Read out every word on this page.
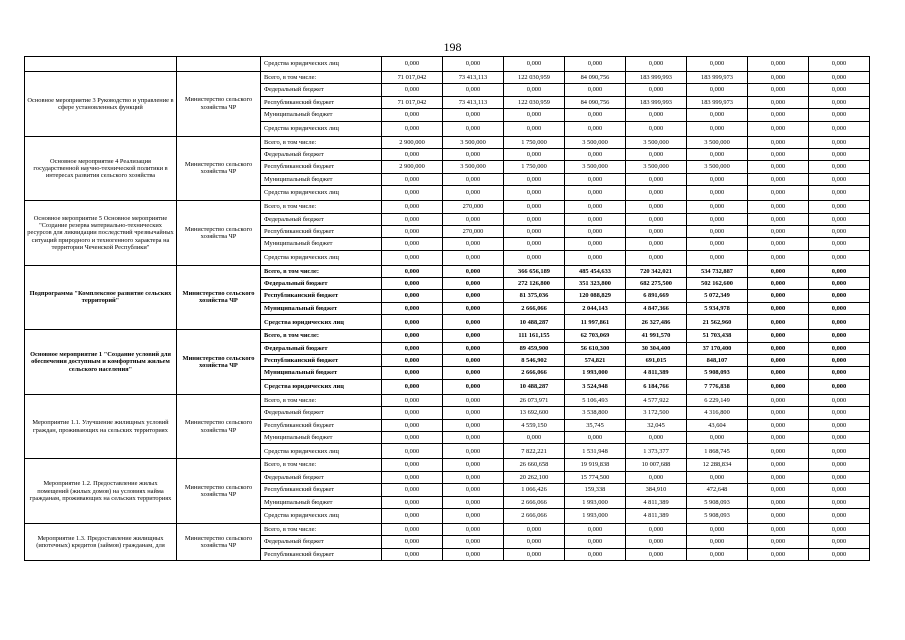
198
		Средства юридических лиц	0,000	0,000	0,000	0,000	0,000	0,000	0,000	0,000
Основное мероприятие 3 Руководство и управление в сфере установленных функций	Министерство сельского хозяйства ЧР	Всего, в том числе:	71 017,042	73 413,113	122 030,959	84 090,756	183 999,993	183 999,973	0,000	0,000
		Федеральный бюджет	0,000	0,000	0,000	0,000	0,000	0,000	0,000	0,000
		Республиканский бюджет	71 017,042	73 413,113	122 030,959	84 090,756	183 999,993	183 999,973	0,000	0,000
		Муниципальный бюджет	0,000	0,000	0,000	0,000	0,000	0,000	0,000	0,000
		Средства юридических лиц	0,000	0,000	0,000	0,000	0,000	0,000	0,000	0,000
Основное мероприятие 4 Реализация государственной научно-технической политики в интересах развития сельского хозяйства	Министерство сельского хозяйства ЧР	Всего, в том числе:	2 900,000	3 500,000	1 750,000	3 500,000	3 500,000	3 500,000	0,000	0,000
		Федеральный бюджет	0,000	0,000	0,000	0,000	0,000	0,000	0,000	0,000
		Республиканский бюджет	2 900,000	3 500,000	1 750,000	3 500,000	3 500,000	3 500,000	0,000	0,000
		Муниципальный бюджет	0,000	0,000	0,000	0,000	0,000	0,000	0,000	0,000
		Средства юридических лиц	0,000	0,000	0,000	0,000	0,000	0,000	0,000	0,000
Основное мероприятие 5 Основное мероприятие "Создание резерва материально-технических ресурсов для ликвидации последствий чрезвычайных ситуаций природного и техногенного характера на территории Чеченской Республики"	Министерство сельского хозяйства ЧР	Всего, в том числе:	0,000	270,000	0,000	0,000	0,000	0,000	0,000	0,000
		Федеральный бюджет	0,000	0,000	0,000	0,000	0,000	0,000	0,000	0,000
		Республиканский бюджет	0,000	270,000	0,000	0,000	0,000	0,000	0,000	0,000
		Муниципальный бюджет	0,000	0,000	0,000	0,000	0,000	0,000	0,000	0,000
		Средства юридических лиц	0,000	0,000	0,000	0,000	0,000	0,000	0,000	0,000
Подпрограмма "Комплексное развитие сельских территорий"	Министерство сельского хозяйства ЧР	Всего, в том числе:	0,000	0,000	366 656,189	485 454,633	720 342,021	534 732,887	0,000	0,000
		Федеральный бюджет	0,000	0,000	272 126,800	351 323,800	682 275,500	502 162,600	0,000	0,000
		Республиканский бюджет	0,000	0,000	81 375,036	120 088,829	6 891,669	5 072,349	0,000	0,000
		Муниципальный бюджет	0,000	0,000	2 666,066	2 044,143	4 847,366	5 934,978	0,000	0,000
		Средства юридических лиц	0,000	0,000	10 488,287	11 997,861	26 327,486	21 562,960	0,000	0,000
Основное мероприятие 1 "Создание условий для обеспечения доступным и комфортным жильем сельского населения"	Министерство сельского хозяйства ЧР	Всего, в том числе:	0,000	0,000	111 161,155	62 703,069	41 991,570	51 703,438	0,000	0,000
		Федеральный бюджет	0,000	0,000	89 459,900	56 610,300	30 304,400	37 170,400	0,000	0,000
		Республиканский бюджет	0,000	0,000	8 546,902	574,821	691,015	848,107	0,000	0,000
		Муниципальный бюджет	0,000	0,000	2 666,066	1 993,000	4 811,389	5 908,093	0,000	0,000
		Средства юридических лиц	0,000	0,000	10 488,287	3 524,948	6 184,766	7 776,838	0,000	0,000
Мероприятие 1.1. Улучшение жилищных условий граждан, проживающих на сельских территориях	Министерство сельского хозяйства ЧР	Всего, в том числе:	0,000	0,000	26 073,971	5 106,493	4 577,922	6 229,149	0,000	0,000
		Федеральный бюджет	0,000	0,000	13 692,600	3 538,800	3 172,500	4 316,800	0,000	0,000
		Республиканский бюджет	0,000	0,000	4 559,150	35,745	32,045	43,604	0,000	0,000
		Муниципальный бюджет	0,000	0,000	0,000	0,000	0,000	0,000	0,000	0,000
		Средства юридических лиц	0,000	0,000	7 822,221	1 531,948	1 373,377	1 868,745	0,000	0,000
Мероприятие 1.2. Предоставление жилых помещений (жилых домов) на условиях найма гражданам, проживающих на сельских территориях	Министерство сельского хозяйства ЧР	Всего, в том числе:	0,000	0,000	26 660,658	19 919,838	10 007,688	12 288,834	0,000	0,000
		Федеральный бюджет	0,000	0,000	20 262,100	15 774,500	0,000	0,000	0,000	0,000
		Республиканский бюджет	0,000	0,000	1 066,426	159,338	384,910	472,648	0,000	0,000
		Муниципальный бюджет	0,000	0,000	2 666,066	1 993,000	4 811,389	5 908,093	0,000	0,000
		Средства юридических лиц	0,000	0,000	2 666,066	1 993,000	4 811,389	5 908,093	0,000	0,000
Мероприятие 1.3. Предоставление жилищных (ипотечных) кредитов (займов) гражданам, для	Министерство сельского хозяйства ЧР	Всего, в том числе:	0,000	0,000	0,000	0,000	0,000	0,000	0,000	0,000
		Федеральный бюджет	0,000	0,000	0,000	0,000	0,000	0,000	0,000	0,000
		Республиканский бюджет	0,000	0,000	0,000	0,000	0,000	0,000	0,000	0,000
